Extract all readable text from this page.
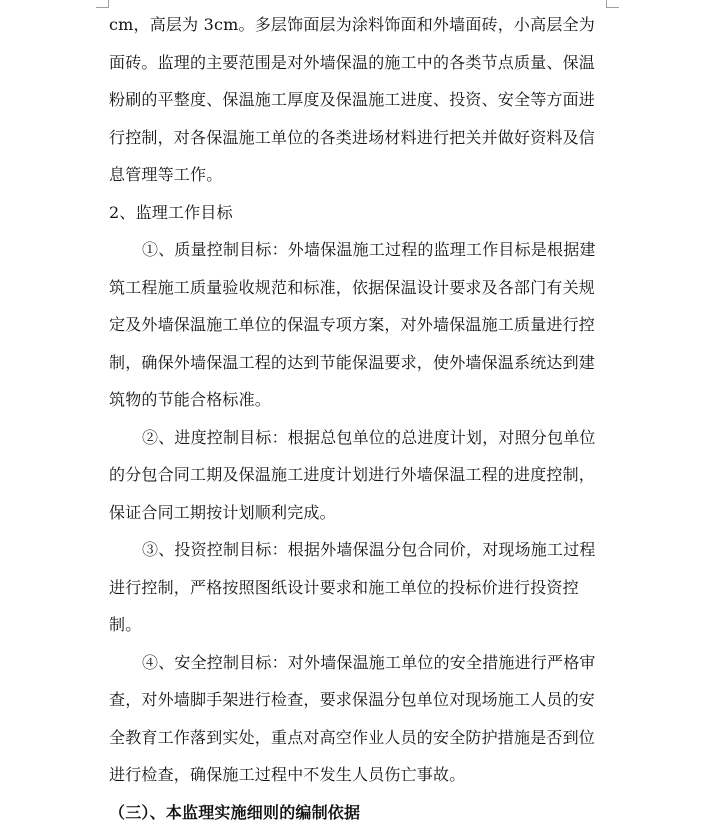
cm，高层为 3cm。多层饰面层为涂料饰面和外墙面砖，小高层全为
面砖。监理的主要范围是对外墙保温的施工中的各类节点质量、保温
粉刷的平整度、保温施工厚度及保温施工进度、投资、安全等方面进
行控制，对各保温施工单位的各类进场材料进行把关并做好资料及信
息管理等工作。
2、监理工作目标
①、质量控制目标：外墙保温施工过程的监理工作目标是根据建
筑工程施工质量验收规范和标准，依据保温设计要求及各部门有关规
定及外墙保温施工单位的保温专项方案，对外墙保温施工质量进行控
制，确保外墙保温工程的达到节能保温要求，使外墙保温系统达到建
筑物的节能合格标准。
②、进度控制目标：根据总包单位的总进度计划，对照分包单位
的分包合同工期及保温施工进度计划进行外墙保温工程的进度控制，
保证合同工期按计划顺利完成。
③、投资控制目标：根据外墙保温分包合同价，对现场施工过程
进行控制，严格按照图纸设计要求和施工单位的投标价进行投资控
制。
④、安全控制目标：对外墙保温施工单位的安全措施进行严格审
查，对外墙脚手架进行检查，要求保温分包单位对现场施工人员的安
全教育工作落到实处，重点对高空作业人员的安全防护措施是否到位
进行检查，确保施工过程中不发生人员伤亡事故。
（三）、本监理实施细则的编制依据
